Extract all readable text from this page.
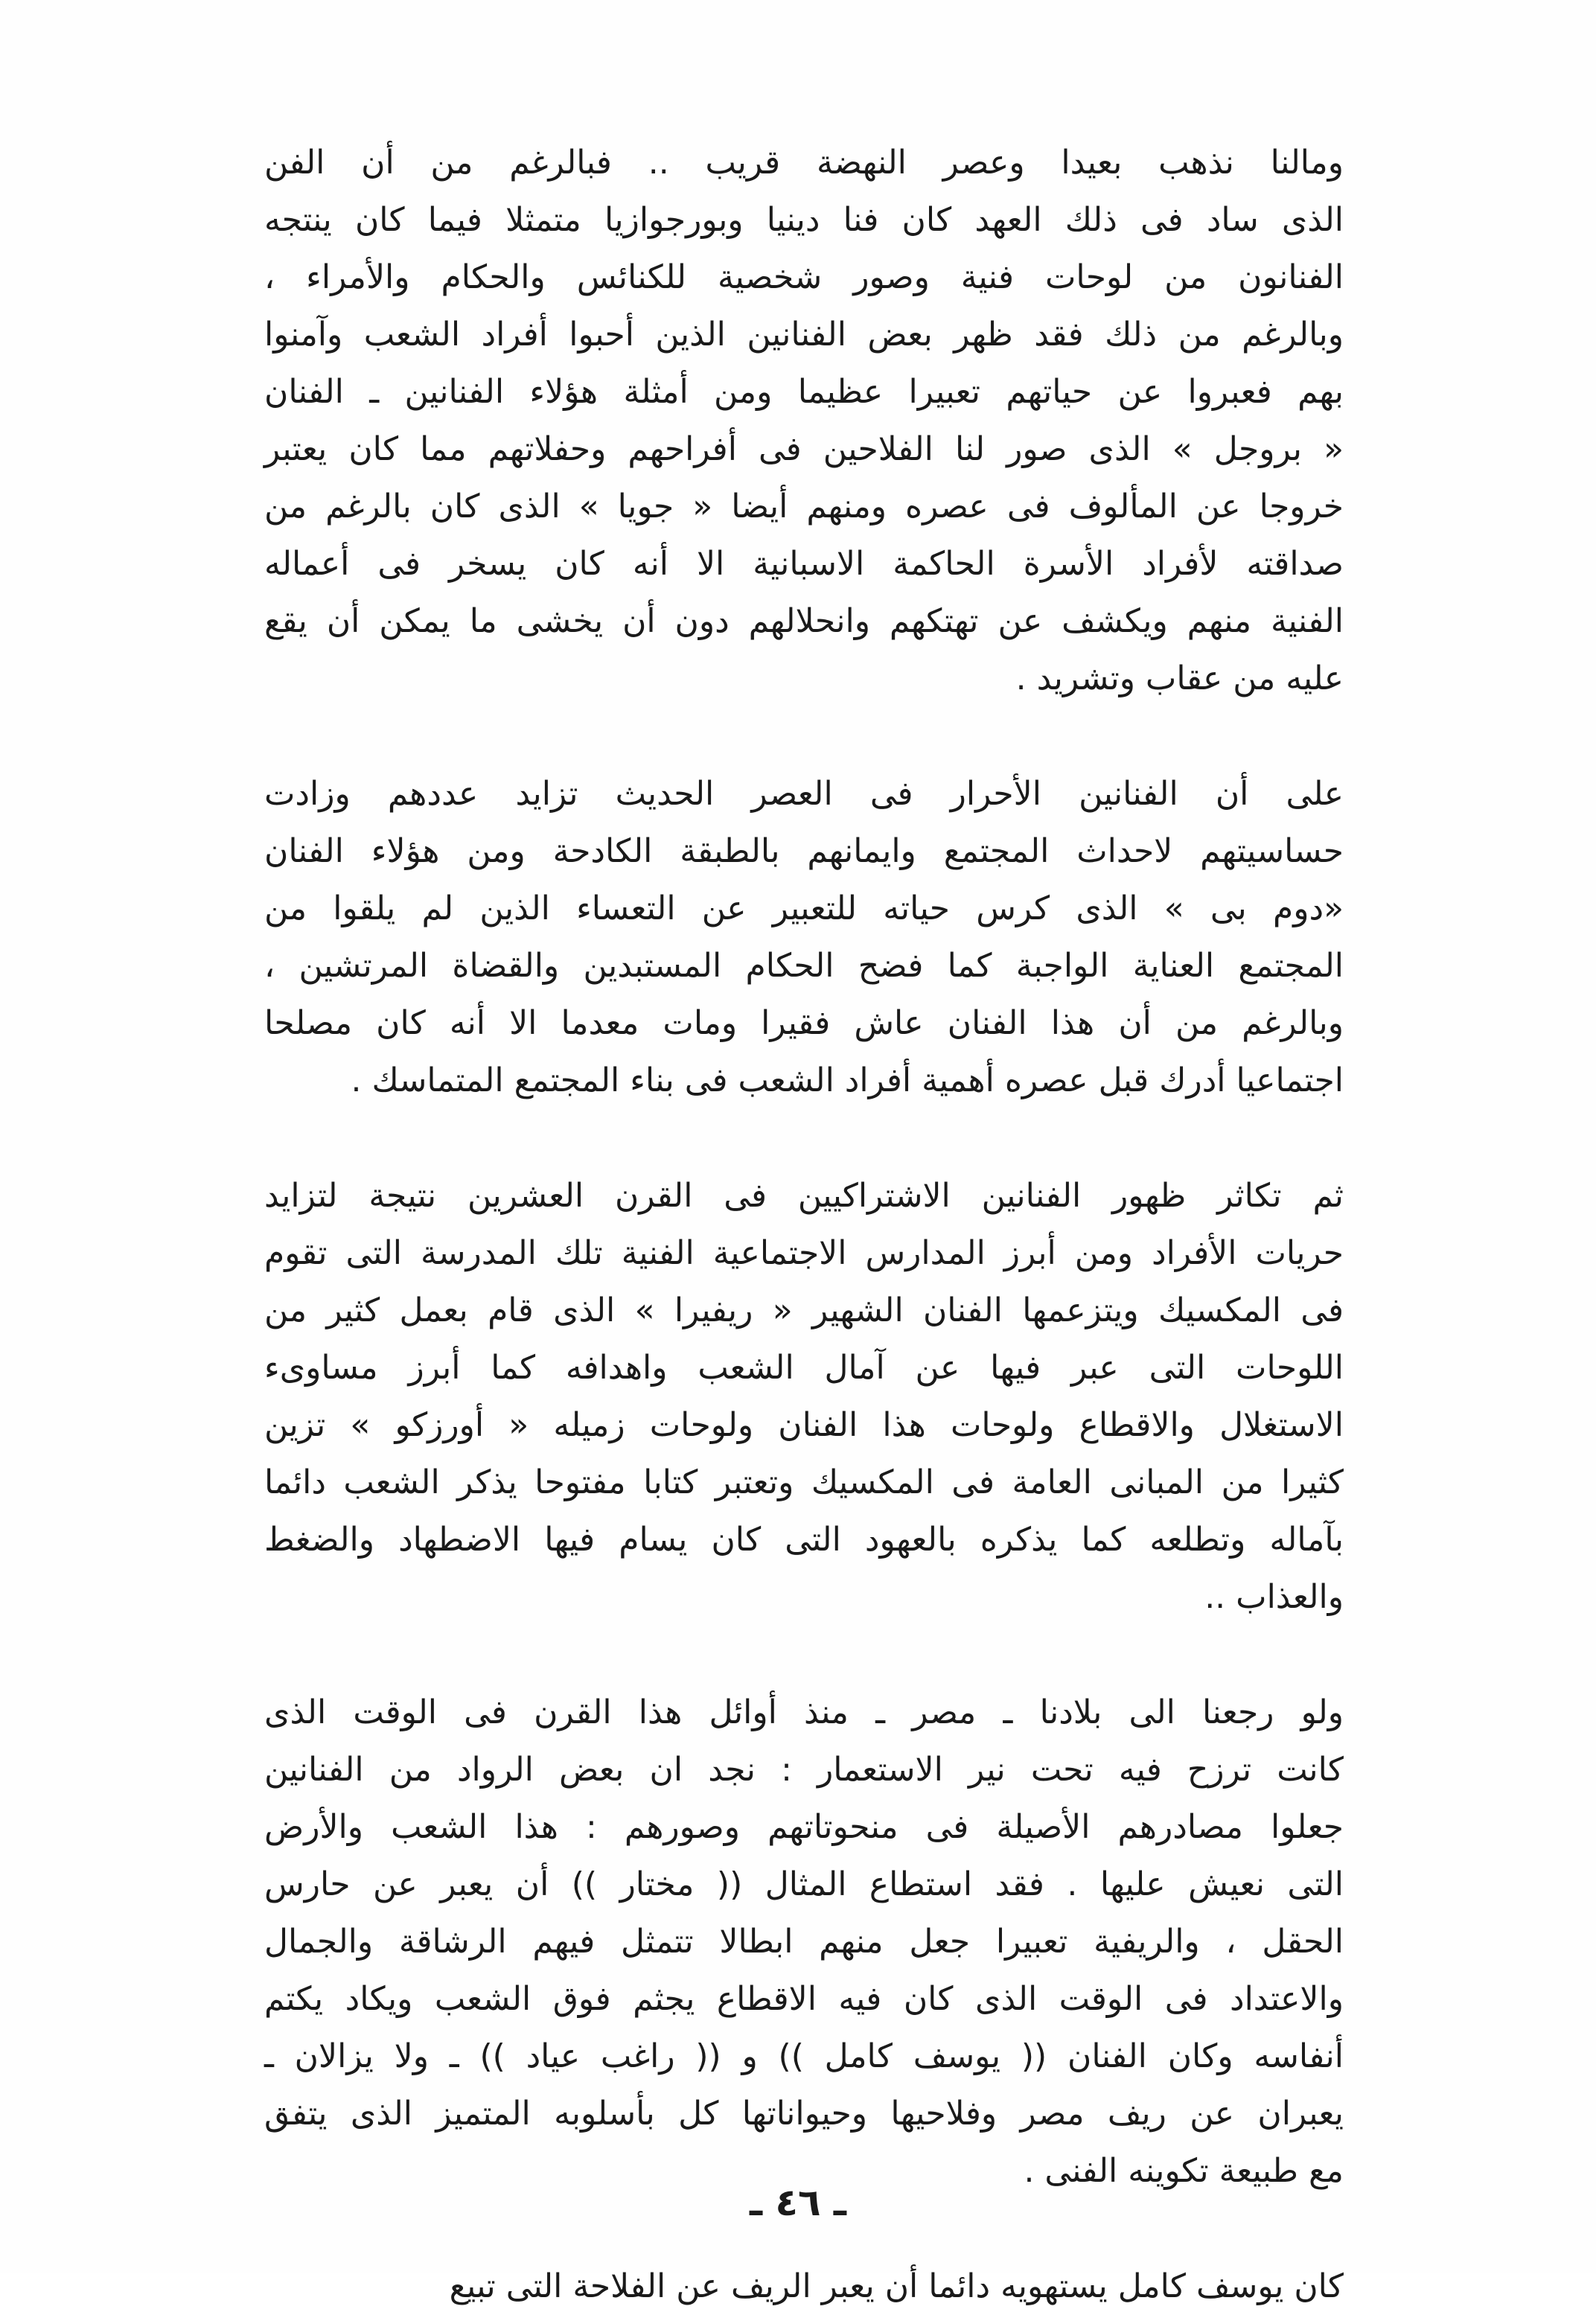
ومالنا نذهب بعيدا وعصر النهضة قريب .. فبالرغم من أن الفن
الذى ساد فى ذلك العهد كان فنا دينيا وبورجوازيا متمثلا فيما كان ينتجه
الفنانون من لوحات فنية وصور شخصية للكنائس والحكام والأمراء ،
وبالرغم من ذلك فقد ظهر بعض الفنانين الذين أحبوا أفراد الشعب وآمنوا
بهم فعبروا عن حياتهم تعبيرا عظيما ومن أمثلة هؤلاء الفنانين ـ الفنان
« بروجل » الذى صور لنا الفلاحين فى أفراحهم وحفلاتهم مما كان يعتبر
خروجا عن المألوف فى عصره ومنهم أيضا « جويا » الذى كان بالرغم من
صداقته لأفراد الأسرة الحاكمة الاسبانية الا أنه كان يسخر فى أعماله
الفنية منهم ويكشف عن تهتكهم وانحلالهم دون أن يخشى ما يمكن أن يقع
عليه من عقاب وتشريد .

على أن الفنانين الأحرار فى العصر الحديث تزايد عددهم وزادت
حساسيتهم لاحداث المجتمع وايمانهم بالطبقة الكادحة ومن هؤلاء الفنان
«دوم بى » الذى كرس حياته للتعبير عن التعساء الذين لم يلقوا من
المجتمع العناية الواجبة كما فضح الحكام المستبدين والقضاة المرتشين ،
وبالرغم من أن هذا الفنان عاش فقيرا ومات معدما الا أنه كان مصلحا
اجتماعيا أدرك قبل عصره أهمية أفراد الشعب فى بناء المجتمع المتماسك .

ثم تكاثر ظهور الفنانين الاشتراكيين فى القرن العشرين نتيجة لتزايد
حريات الأفراد ومن أبرز المدارس الاجتماعية الفنية تلك المدرسة التى تقوم
فى المكسيك ويتزعمها الفنان الشهير « ريفيرا » الذى قام بعمل كثير من
اللوحات التى عبر فيها عن آمال الشعب واهدافه كما أبرز مساوىء
الاستغلال والاقطاع ولوحات هذا الفنان ولوحات زميله « أورزكو » تزين
كثيرا من المبانى العامة فى المكسيك وتعتبر كتابا مفتوحا يذكر الشعب دائما
بآماله وتطلعه كما يذكره بالعهود التى كان يسام فيها الاضطهاد والضغط
والعذاب ..

ولو رجعنا الى بلادنا ـ مصر ـ منذ أوائل هذا القرن فى الوقت الذى
كانت ترزح فيه تحت نير الاستعمار : نجد ان بعض الرواد من الفنانين
جعلوا مصادرهم الأصيلة فى منحوتاتهم وصورهم : هذا الشعب والأرض
التى نعيش عليها . فقد استطاع المثال (( مختار )) أن يعبر عن حارس
الحقل ، والريفية تعبيرا جعل منهم ابطالا تتمثل فيهم الرشاقة والجمال
والاعتداد فى الوقت الذى كان فيه الاقطاع يجثم فوق الشعب ويكاد يكتم
أنفاسه وكان الفنان (( يوسف كامل )) و (( راغب عياد )) ـ ولا يزالان ـ
يعبران عن ريف مصر وفلاحيها وحيواناتها كل بأسلوبه المتميز الذى يتفق
مع طبيعة تكوينه الفنى .

كان يوسف كامل يستهويه دائما أن يعبر الريف عن الفلاحة التى تبيع

ـ ٤٦ ـ
